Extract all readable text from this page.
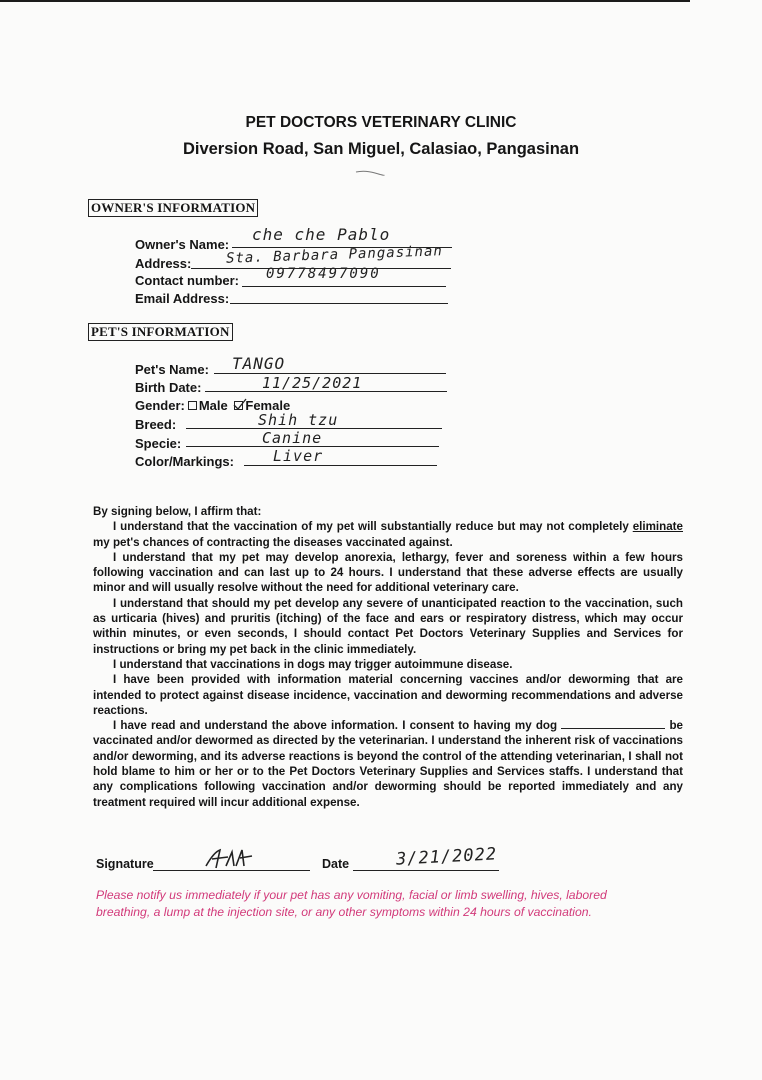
PET DOCTORS VETERINARY CLINIC
Diversion Road, San Miguel, Calasiao, Pangasinan
OWNER'S INFORMATION
Owner's Name:
che che Pablo
Address: Sta. Barbara Pangasinan
Contact number: 09778497090
Email Address:
PET'S INFORMATION
Pet's Name: TANGO
Birth Date:	11/25/2021
Gender: Male Female
Breed:	Shih tzu
Specie:	Canine
Color/Markings:	Liver

By signing below, I affirm that:

I understand that the vaccination of my pet will substantially reduce but may not completely eliminate my pet's chances of contracting the diseases vaccinated against.

I understand that my pet may develop anorexia, lethargy, fever and soreness within a few hours following vaccination and can last up to 24 hours. I understand that these adverse effects are usually minor and will usually resolve without the need for additional veterinary care.

I understand that should my pet develop any severe of unanticipated reaction to the vaccination, such as urticaria (hives) and pruritis (itching) of the face and ears or respiratory distress, which may occur within minutes, or even seconds, I should contact Pet Doctors Veterinary Supplies and Services for instructions or bring my pet back in the clinic immediately.

I understand that vaccinations in dogs may trigger autoimmune disease.

I have been provided with information material concerning vaccines and/or deworming that are intended to protect against disease incidence, vaccination and deworming recommendations and adverse reactions.

I have read and understand the above information. I consent to having my dog	be vaccinated and/or dewormed as directed by the veterinarian. I understand the inherent risk of vaccinations and/or deworming, and its adverse reactions is beyond the control of the attending veterinarian, I shall not hold blame to him or her or to the Pet Doctors Veterinary Supplies and Services staffs. I understand that any complications following vaccination and/or deworming should be reported immediately and any treatment required will incur additional expense.

Signature	Date	3/21/2022
Please notify us immediately if your pet has any vomiting, facial or limb swelling, hives, labored breathing, a lump at the injection site, or any other symptoms within 24 hours of vaccination.
